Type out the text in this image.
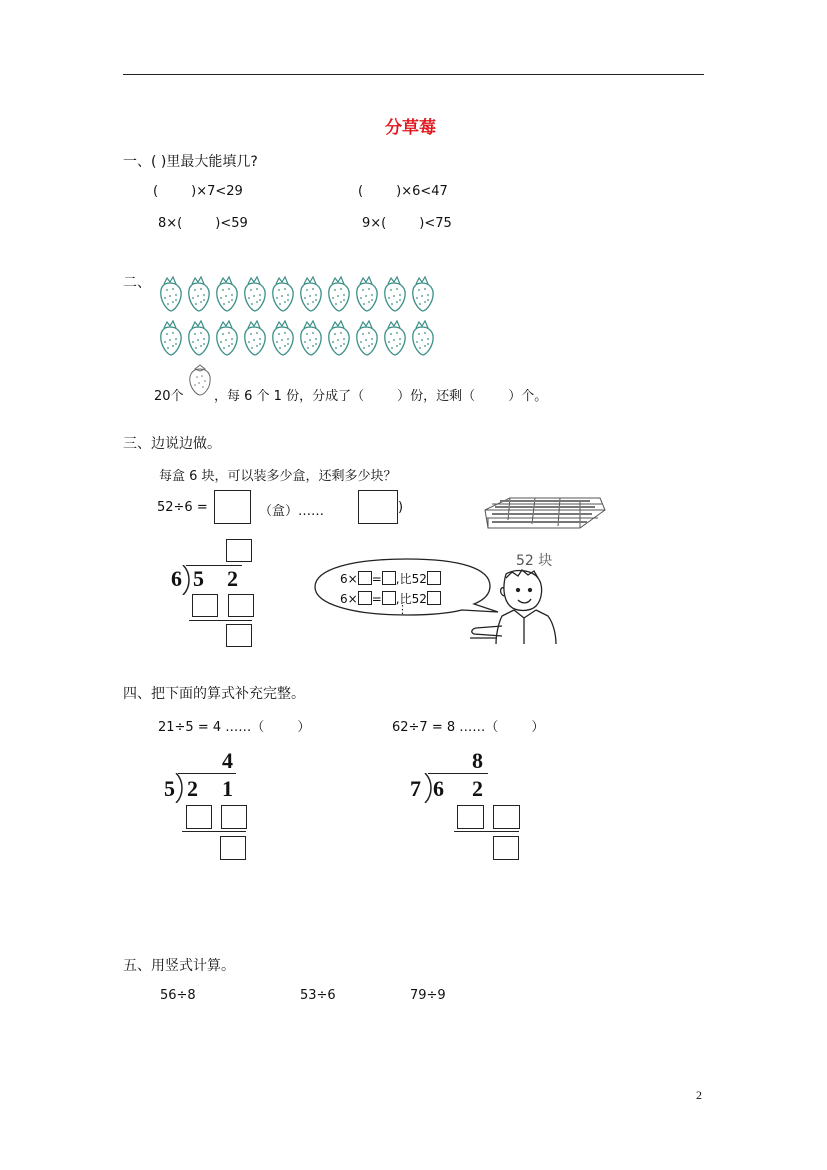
分草莓
一、( )里最大能填几?
(        )×7<29	(        )×6<47
8×(        )<59	9×(        )<75
二、
20个 ，每 6 个 1 份，分成了（        ）份，还剩（        ）个。
三、边说边做。
每盒 6 块，可以装多少盒，还剩多少块？
52÷6 =	（盒）……	)
52 块
6 5 2	6× = ,比52
6× = ,比52
⋮
四、把下面的算式补充完整。
21÷5 = 4 ……（        ）	62÷7 = 8 ……（        ）
4
5 2 1
8
7 6 2
五、用竖式计算。
56÷8	53÷6	79÷9
2
